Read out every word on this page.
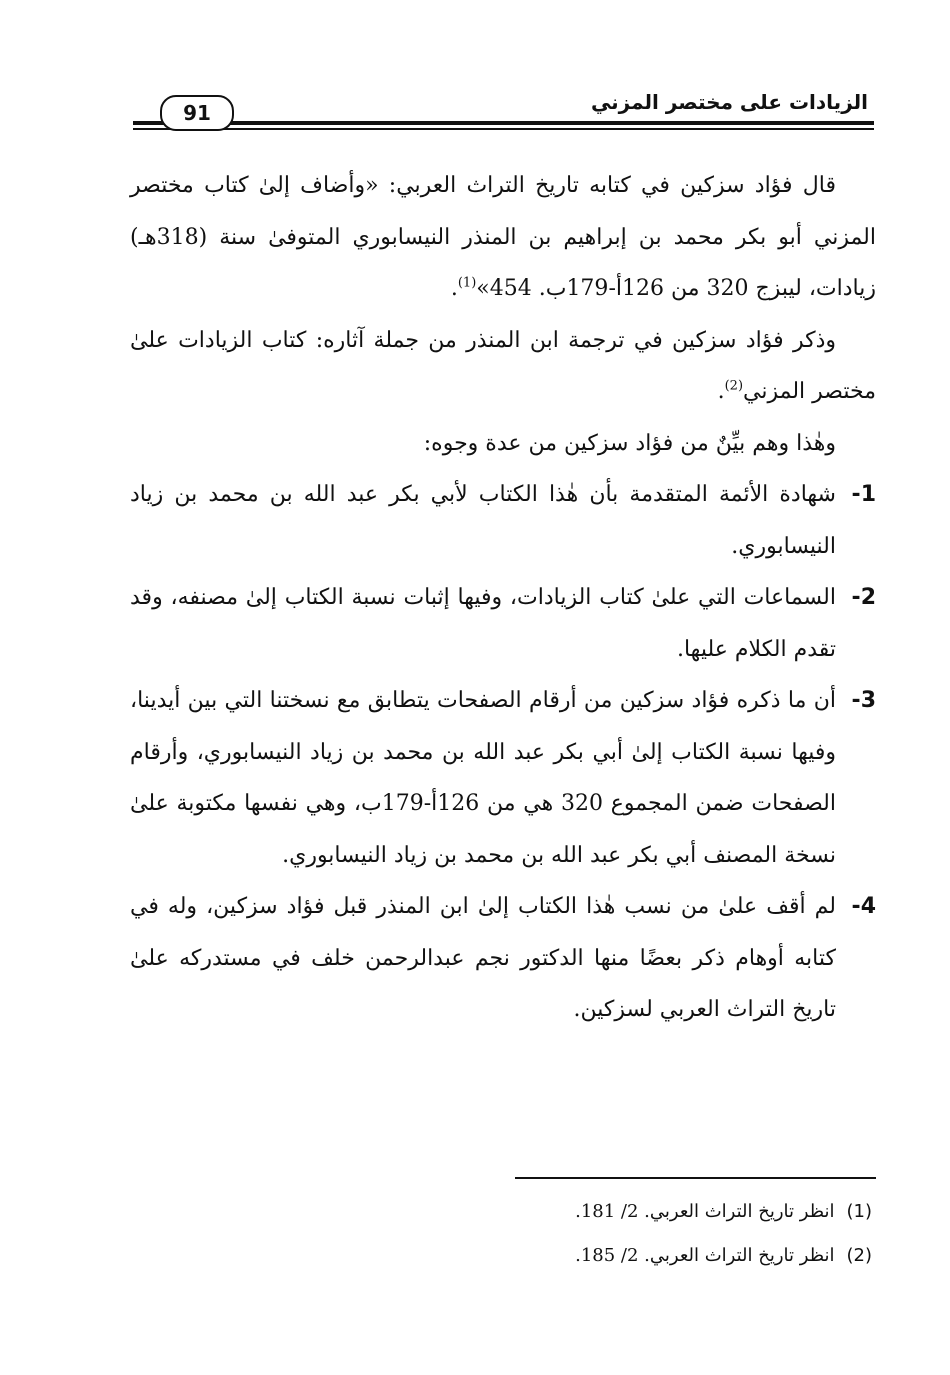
الزيادات على مختصر المزني
91

قال فؤاد سزكين في كتابه تاريخ التراث العربي: «وأضاف إلىٰ كتاب مختصر المزني أبو بكر محمد بن إبراهيم بن المنذر النيسابوري المتوفىٰ سنة (318هـ) زيادات، ليبزج 320 من 126أ-179ب. 454»$^{(1)}$.

وذكر فؤاد سزكين في ترجمة ابن المنذر من جملة آثاره: كتاب الزيادات علىٰ مختصر المزني$^{(2)}$.

وهٰذا وهم بيِّنٌ من فؤاد سزكين من عدة وجوه:

1-
شهادة الأئمة المتقدمة بأن هٰذا الكتاب لأبي بكر عبد الله بن محمد بن زياد النيسابوري.
2-
السماعات التي علىٰ كتاب الزيادات، وفيها إثبات نسبة الكتاب إلىٰ مصنفه، وقد تقدم الكلام عليها.
3-
أن ما ذكره فؤاد سزكين من أرقام الصفحات يتطابق مع نسختنا التي بين أيدينا، وفيها نسبة الكتاب إلىٰ أبي بكر عبد الله بن محمد بن زياد النيسابوري، وأرقام الصفحات ضمن المجموع 320 هي من 126أ-179ب، وهي نفسها مكتوبة علىٰ نسخة المصنف أبي بكر عبد الله بن محمد بن زياد النيسابوري.
4-
لم أقف علىٰ من نسب هٰذا الكتاب إلىٰ ابن المنذر قبل فؤاد سزكين، وله في كتابه أوهام ذكر بعضًا منها الدكتور نجم عبدالرحمن خلف في مستدركه علىٰ تاريخ التراث العربي لسزكين.

(1)انظر تاريخ التراث العربي. 2/ 181.

(2)انظر تاريخ التراث العربي. 2/ 185.
